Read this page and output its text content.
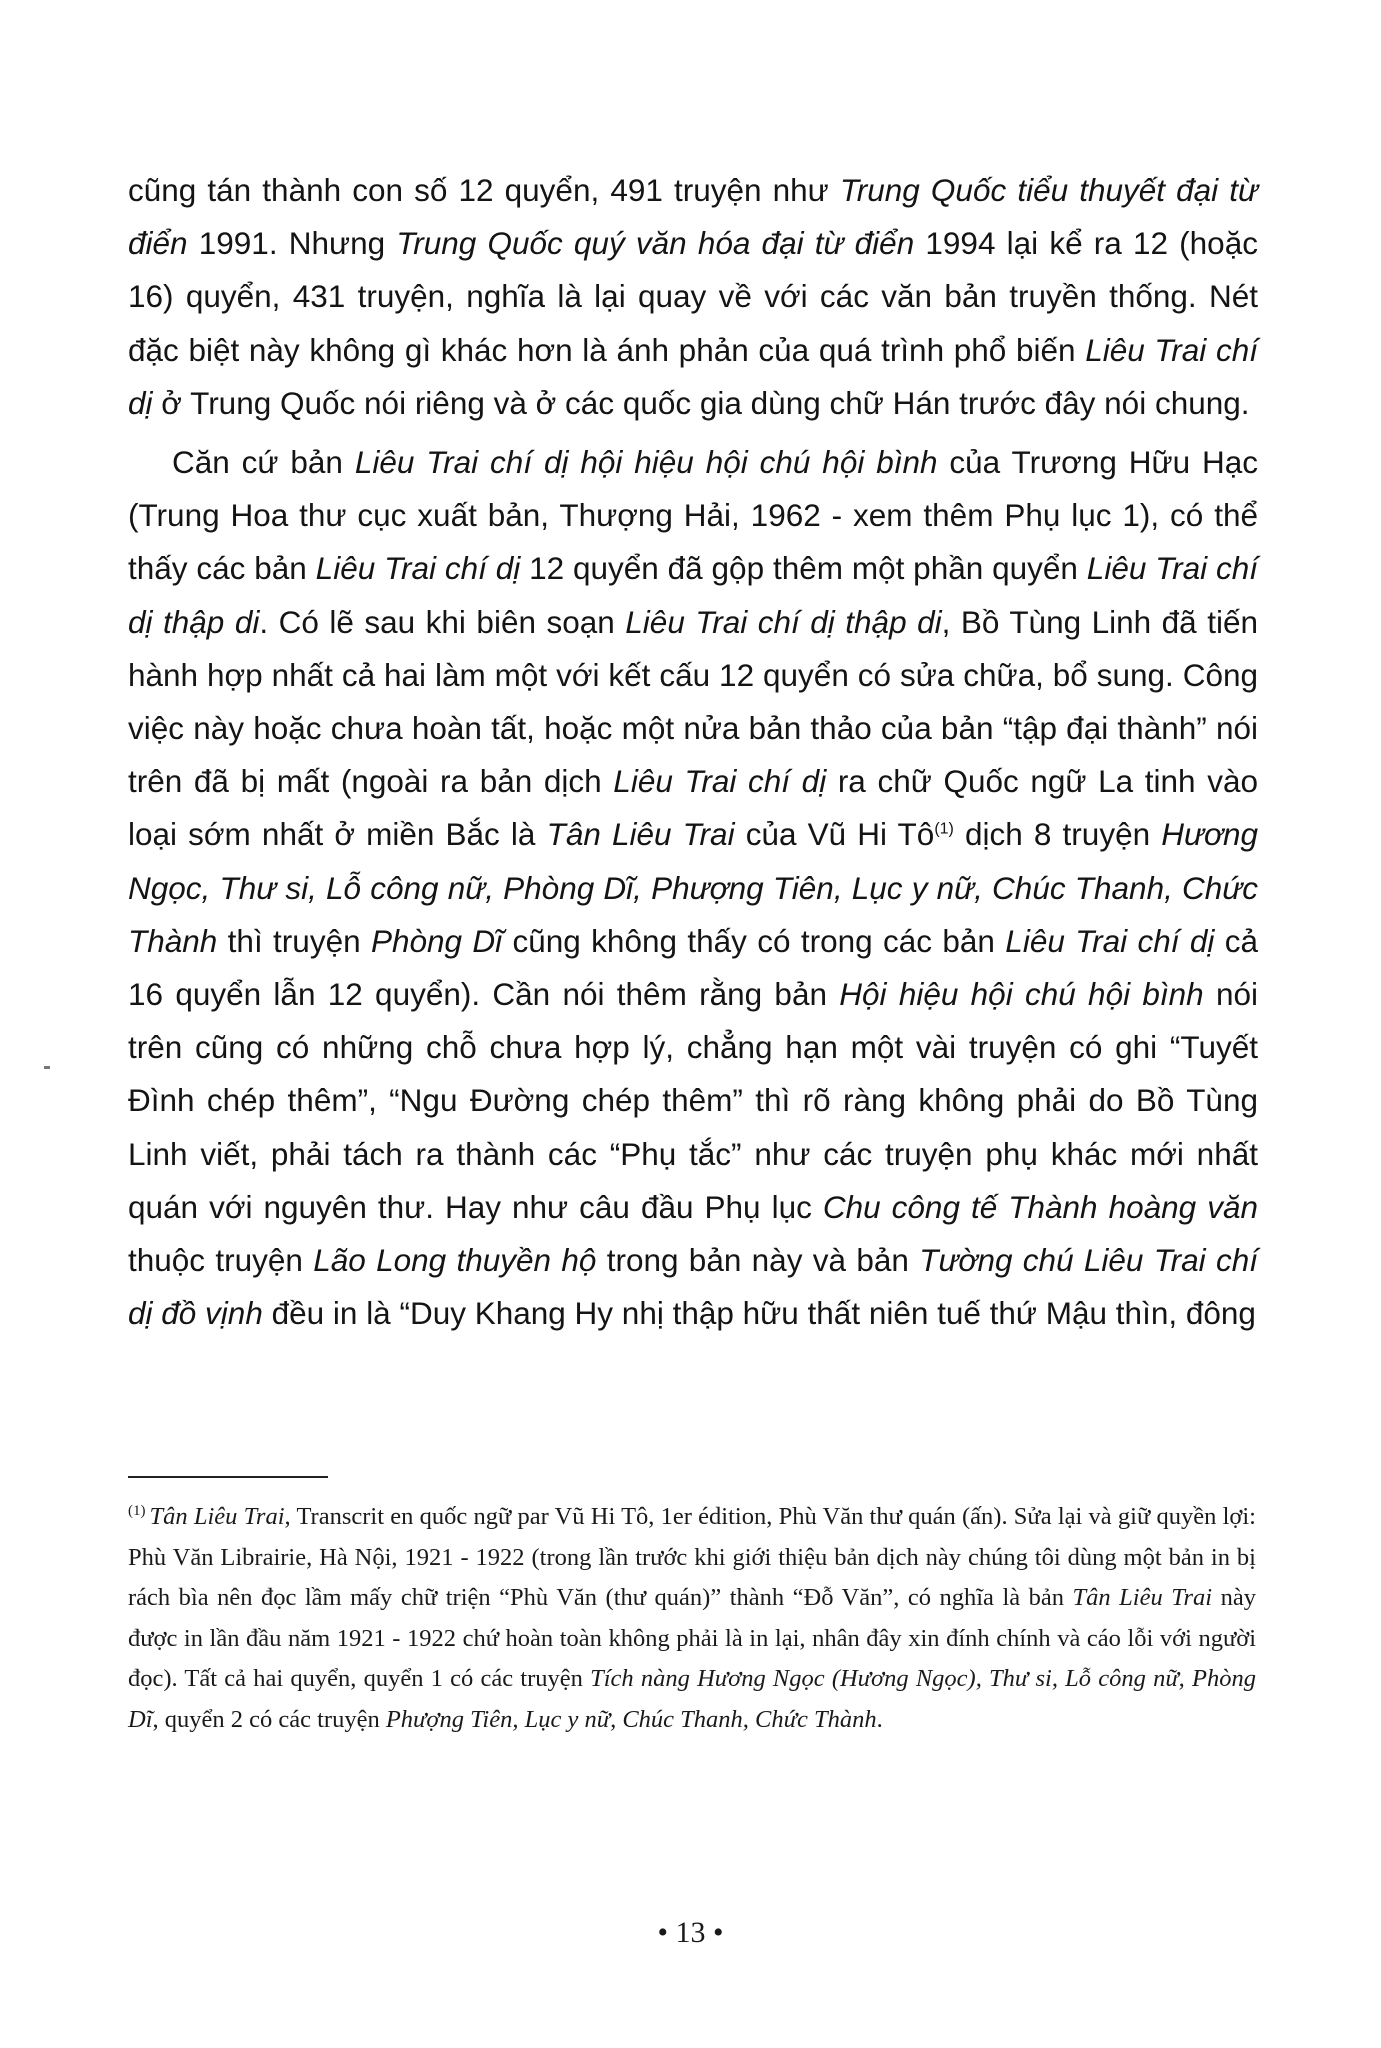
cũng tán thành con số 12 quyển, 491 truyện như Trung Quốc tiểu thuyết đại từ điển 1991. Nhưng Trung Quốc quý văn hóa đại từ điển 1994 lại kể ra 12 (hoặc 16) quyển, 431 truyện, nghĩa là lại quay về với các văn bản truyền thống. Nét đặc biệt này không gì khác hơn là ánh phản của quá trình phổ biến Liêu Trai chí dị ở Trung Quốc nói riêng và ở các quốc gia dùng chữ Hán trước đây nói chung.

Căn cứ bản Liêu Trai chí dị hội hiệu hội chú hội bình của Trương Hữu Hạc (Trung Hoa thư cục xuất bản, Thượng Hải, 1962 - xem thêm Phụ lục 1), có thể thấy các bản Liêu Trai chí dị 12 quyển đã gộp thêm một phần quyển Liêu Trai chí dị thập di. Có lẽ sau khi biên soạn Liêu Trai chí dị thập di, Bồ Tùng Linh đã tiến hành hợp nhất cả hai làm một với kết cấu 12 quyển có sửa chữa, bổ sung. Công việc này hoặc chưa hoàn tất, hoặc một nửa bản thảo của bản “tập đại thành” nói trên đã bị mất (ngoài ra bản dịch Liêu Trai chí dị ra chữ Quốc ngữ La tinh vào loại sớm nhất ở miền Bắc là Tân Liêu Trai của Vũ Hi Tô$^{(1)}$ dịch 8 truyện Hương Ngọc, Thư si, Lỗ công nữ, Phòng Dĩ, Phượng Tiên, Lục y nữ, Chúc Thanh, Chức Thành thì truyện Phòng Dĩ cũng không thấy có trong các bản Liêu Trai chí dị cả 16 quyển lẫn 12 quyển). Cần nói thêm rằng bản Hội hiệu hội chú hội bình nói trên cũng có những chỗ chưa hợp lý, chẳng hạn một vài truyện có ghi “Tuyết Đình chép thêm”, “Ngu Đường chép thêm” thì rõ ràng không phải do Bồ Tùng Linh viết, phải tách ra thành các “Phụ tắc” như các truyện phụ khác mới nhất quán với nguyên thư. Hay như câu đầu Phụ lục Chu công tế Thành hoàng văn thuộc truyện Lão Long thuyền hộ trong bản này và bản Tường chú Liêu Trai chí dị đồ vịnh đều in là “Duy Khang Hy nhị thập hữu thất niên tuế thứ Mậu thìn, đông

$^{(1)}$ Tân Liêu Trai, Transcrit en quốc ngữ par Vũ Hi Tô, 1er édition, Phù Văn thư quán (ấn). Sửa lại và giữ quyền lợi: Phù Văn Librairie, Hà Nội, 1921 - 1922 (trong lần trước khi giới thiệu bản dịch này chúng tôi dùng một bản in bị rách bìa nên đọc lầm mấy chữ triện “Phù Văn (thư quán)” thành “Đỗ Văn”, có nghĩa là bản Tân Liêu Trai này được in lần đầu năm 1921 - 1922 chứ hoàn toàn không phải là in lại, nhân đây xin đính chính và cáo lỗi với người đọc). Tất cả hai quyển, quyển 1 có các truyện Tích nàng Hương Ngọc (Hương Ngọc), Thư si, Lỗ công nữ, Phòng Dĩ, quyển 2 có các truyện Phượng Tiên, Lục y nữ, Chúc Thanh, Chức Thành.

• 13 •
